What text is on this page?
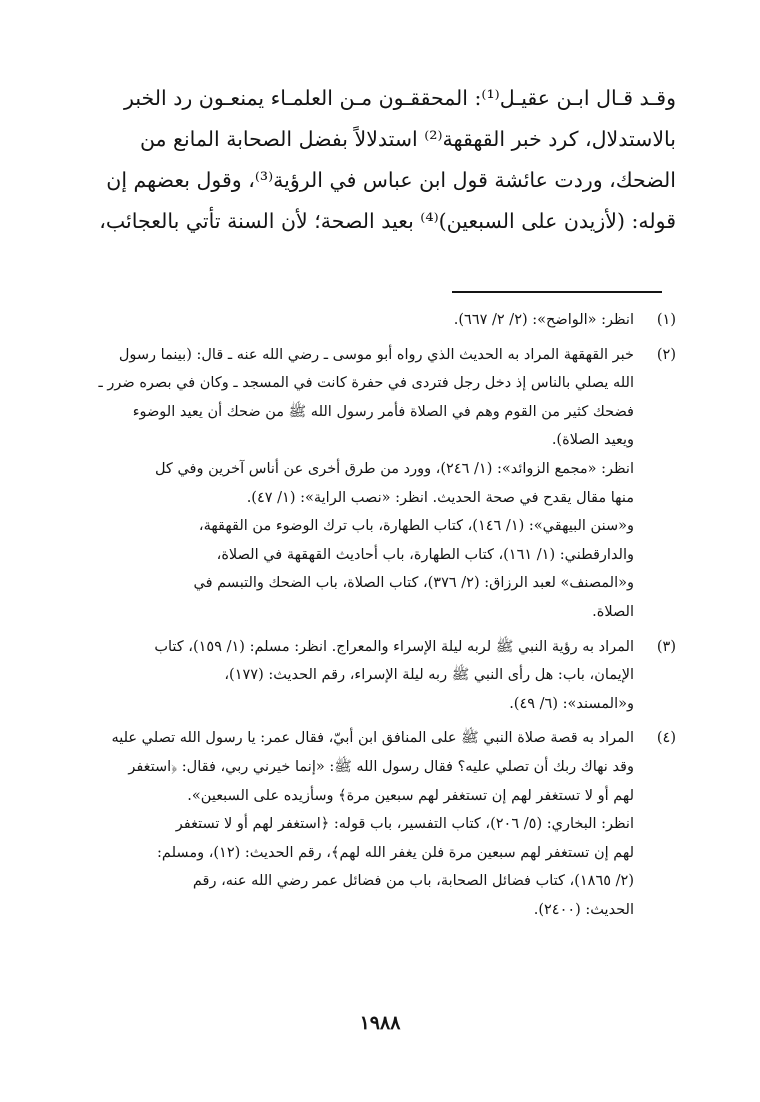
وقـد قـال ابـن عقيـل⁽¹⁾: المحققـون مـن العلمـاء يمنعـون رد الخبر
بالاستدلال، كرد خبر القهقهة⁽²⁾ استدلالاً بفضل الصحابة المانع من
الضحك، وردت عائشة قول ابن عباس في الرؤية⁽³⁾، وقول بعضهم إن
قوله: (لأزيدن على السبعين)⁽⁴⁾ بعيد الصحة؛ لأن السنة تأتي بالعجائب،
(١)
انظر: «الواضح»: (٢/ ٢/ ٦٦٧).
(٢)
خبر القهقهة المراد به الحديث الذي رواه أبو موسى ـ رضي الله عنه ـ قال: (بينما رسول
الله يصلي بالناس إذ دخل رجل فتردى في حفرة كانت في المسجد ـ وكان في بصره ضرر ـ
فضحك كثير من القوم وهم في الصلاة فأمر رسول الله ﷺ من ضحك أن يعيد الوضوء
ويعيد الصلاة).
انظر: «مجمع الزوائد»: (١/ ٢٤٦)، وورد من طرق أخرى عن أناس آخرين وفي كل
منها مقال يقدح في صحة الحديث. انظر: «نصب الراية»: (١/ ٤٧).
و«سنن البيهقي»: (١/ ١٤٦)، كتاب الطهارة، باب ترك الوضوء من القهقهة،
والدارقطني: (١/ ١٦١)، كتاب الطهارة، باب أحاديث القهقهة في الصلاة،
و«المصنف» لعبد الرزاق: (٢/ ٣٧٦)، كتاب الصلاة، باب الضحك والتبسم في
الصلاة.
(٣)
المراد به رؤية النبي ﷺ لربه ليلة الإسراء والمعراج. انظر: مسلم: (١/ ١٥٩)، كتاب
الإيمان، باب: هل رأى النبي ﷺ ربه ليلة الإسراء، رقم الحديث: (١٧٧)،
و«المسند»: (٦/ ٤٩).
(٤)
المراد به قصة صلاة النبي ﷺ على المنافق ابن أبيّ، فقال عمر: يا رسول الله تصلي عليه
وقد نهاك ربك أن تصلي عليه؟ فقال رسول الله ﷺ: «إنما خيرني ربي، فقال: ﴿استغفر
لهم أو لا تستغفر لهم إن تستغفر لهم سبعين مرة﴾ وسأزيده على السبعين».
انظر: البخاري: (٥/ ٢٠٦)، كتاب التفسير، باب قوله: ﴿استغفر لهم أو لا تستغفر
لهم إن تستغفر لهم سبعين مرة فلن يغفر الله لهم﴾، رقم الحديث: (١٢)، ومسلم:
(٢/ ١٨٦٥)، كتاب فضائل الصحابة، باب من فضائل عمر رضي الله عنه، رقم
الحديث: (٢٤٠٠).
١٩٨٨
